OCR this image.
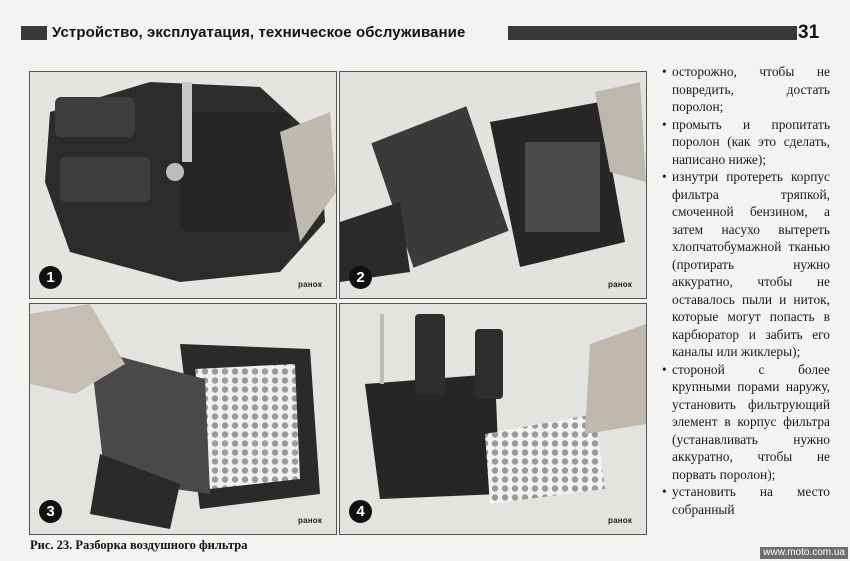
Устройство, эксплуатация, техническое обслуживание	31
1	ранок	2	ранок
3
ранок
4
ранок
Рис. 23. Разборка воздушного фильтра
• осторожно, чтобы не повредить, достать поролон;
• промыть и пропитать поролон (как это сделать, написано ниже);
• изнутри протереть корпус фильтра тряпкой, смоченной бензином, а затем насухо вытереть хлопчатобумажной тканью (протирать нужно аккуратно, чтобы не оставалось пыли и ниток, которые могут попасть в карбюратор и забить его каналы или жиклеры);
• стороной с более крупными порами наружу, установить фильтрующий элемент в корпус фильтра (устанавливать нужно аккуратно, чтобы не порвать поролон);
• установить на место собранный
www.moto.com.ua
